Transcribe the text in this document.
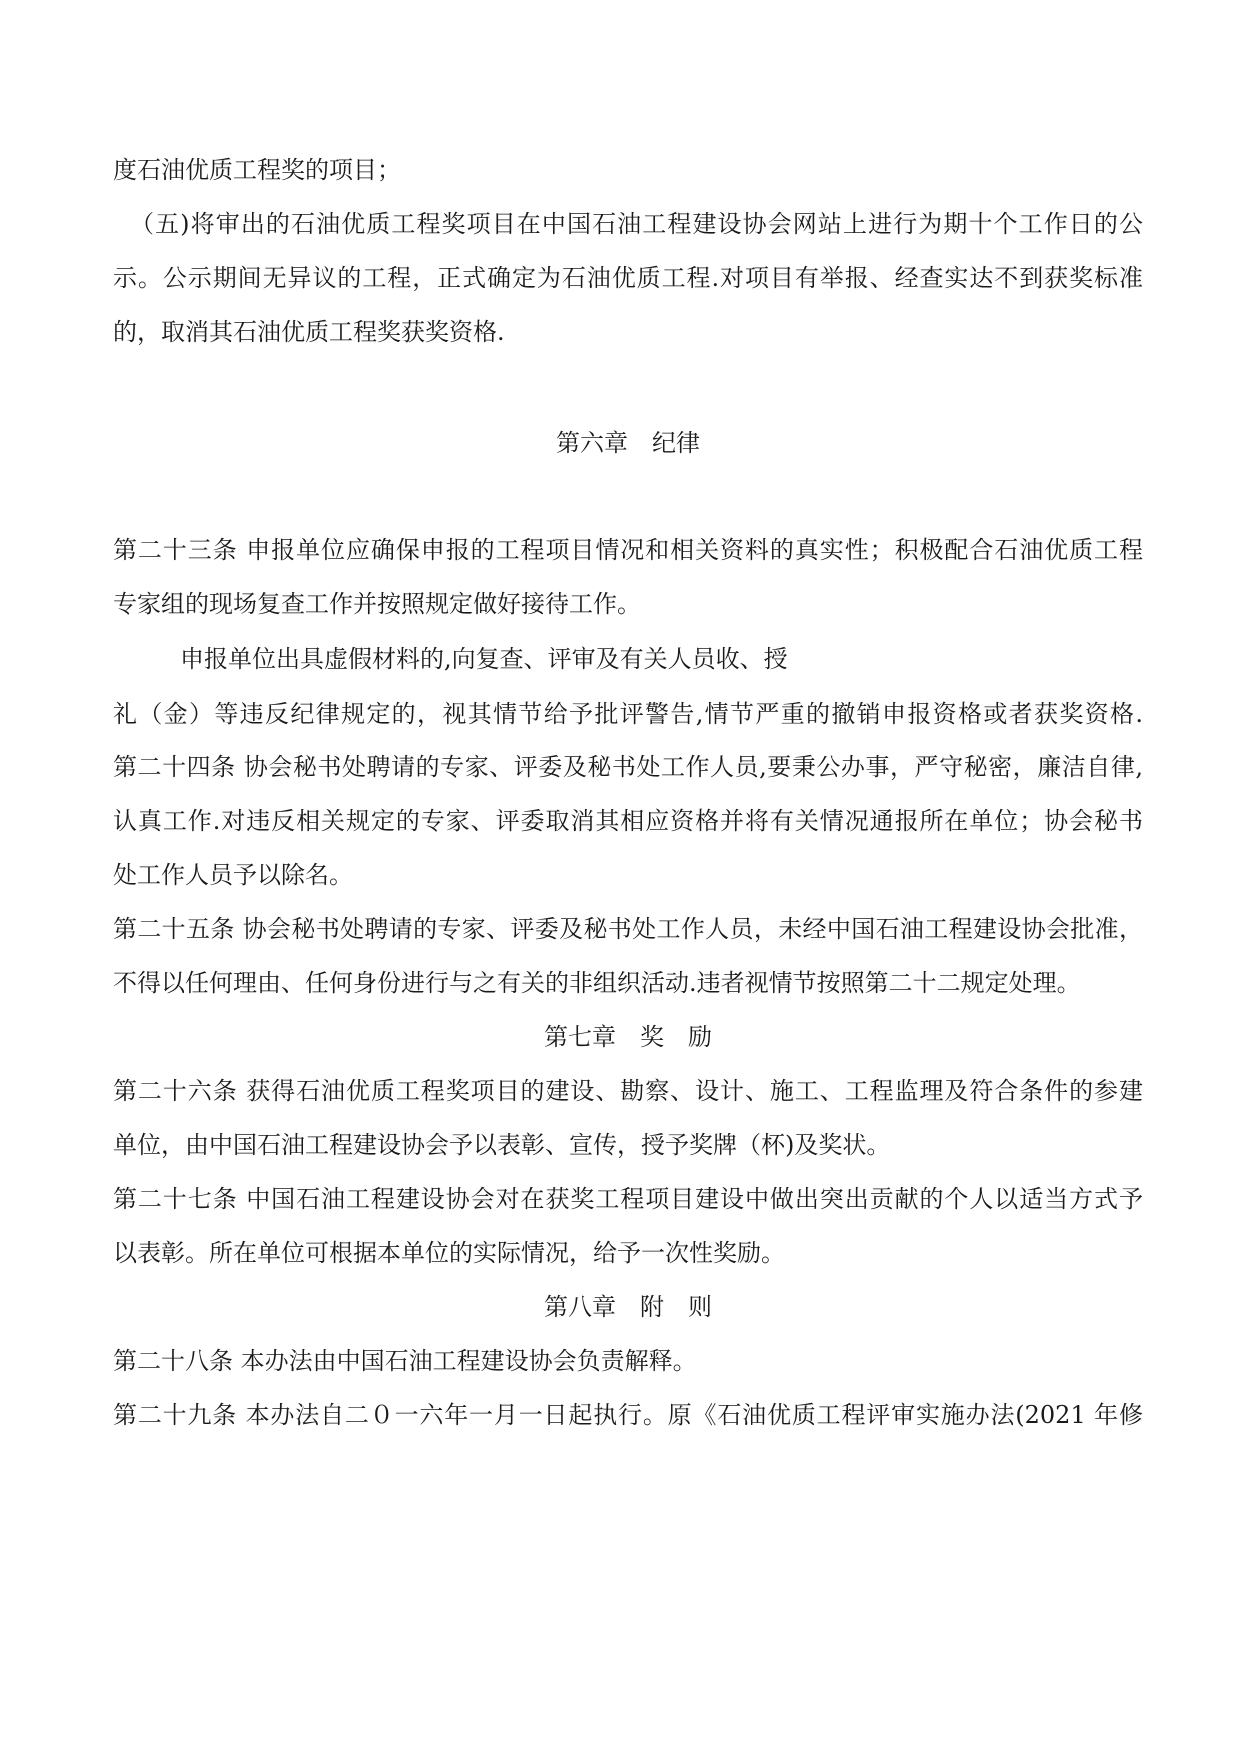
度石油优质工程奖的项目；
（五)将审出的石油优质工程奖项目在中国石油工程建设协会网站上进行为期十个工作日的公
示。公示期间无异议的工程，正式确定为石油优质工程.对项目有举报、经查实达不到获奖标准
的，取消其石油优质工程奖获奖资格.
第六章　纪律
第二十三条 申报单位应确保申报的工程项目情况和相关资料的真实性；积极配合石油优质工程
专家组的现场复查工作并按照规定做好接待工作。
申报单位出具虚假材料的,向复查、评审及有关人员收、授
礼（金）等违反纪律规定的，视其情节给予批评警告,情节严重的撤销申报资格或者获奖资格.
第二十四条 协会秘书处聘请的专家、评委及秘书处工作人员,要秉公办事，严守秘密，廉洁自律,
认真工作.对违反相关规定的专家、评委取消其相应资格并将有关情况通报所在单位；协会秘书
处工作人员予以除名。
第二十五条 协会秘书处聘请的专家、评委及秘书处工作人员，未经中国石油工程建设协会批准，
不得以任何理由、任何身份进行与之有关的非组织活动.违者视情节按照第二十二规定处理。
第七章　奖　励
第二十六条 获得石油优质工程奖项目的建设、勘察、设计、施工、工程监理及符合条件的参建
单位，由中国石油工程建设协会予以表彰、宣传，授予奖牌（杯)及奖状。
第二十七条 中国石油工程建设协会对在获奖工程项目建设中做出突出贡献的个人以适当方式予
以表彰。所在单位可根据本单位的实际情况，给予一次性奖励。
第八章　附　则
第二十八条 本办法由中国石油工程建设协会负责解释。
第二十九条 本办法自二０一六年一月一日起执行。原《石油优质工程评审实施办法(2021 年修
